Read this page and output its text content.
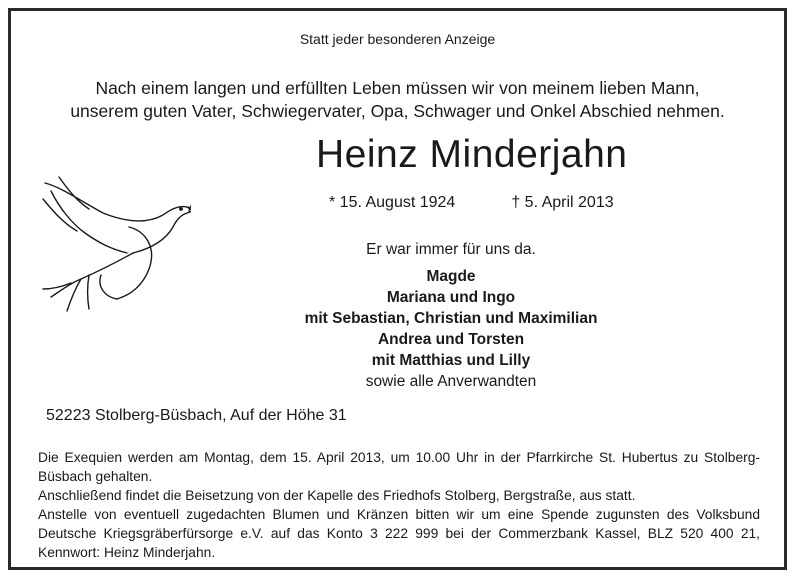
Statt jeder besonderen Anzeige
Nach einem langen und erfüllten Leben müssen wir von meinem lieben Mann,
unserem guten Vater, Schwiegervater, Opa, Schwager und Onkel Abschied nehmen.
Heinz Minderjahn
* 15. August 1924	† 5. April 2013
Er war immer für uns da.
Magde
Mariana und Ingo
mit Sebastian, Christian und Maximilian
Andrea und Torsten
mit Matthias und Lilly
sowie alle Anverwandten
52223 Stolberg-Büsbach, Auf der Höhe 31

Die Exequien werden am Montag, dem 15. April 2013, um 10.00 Uhr in der Pfarrkirche St. Hubertus zu Stolberg-Büsbach gehalten.

Anschließend findet die Beisetzung von der Kapelle des Friedhofs Stolberg, Bergstraße, aus statt.

Anstelle von eventuell zugedachten Blumen und Kränzen bitten wir um eine Spende zugunsten des Volksbund Deutsche Kriegsgräberfürsorge e.V. auf das Konto 3 222 999 bei der Commerzbank Kassel, BLZ 520 400 21, Kennwort: Heinz Minderjahn.
